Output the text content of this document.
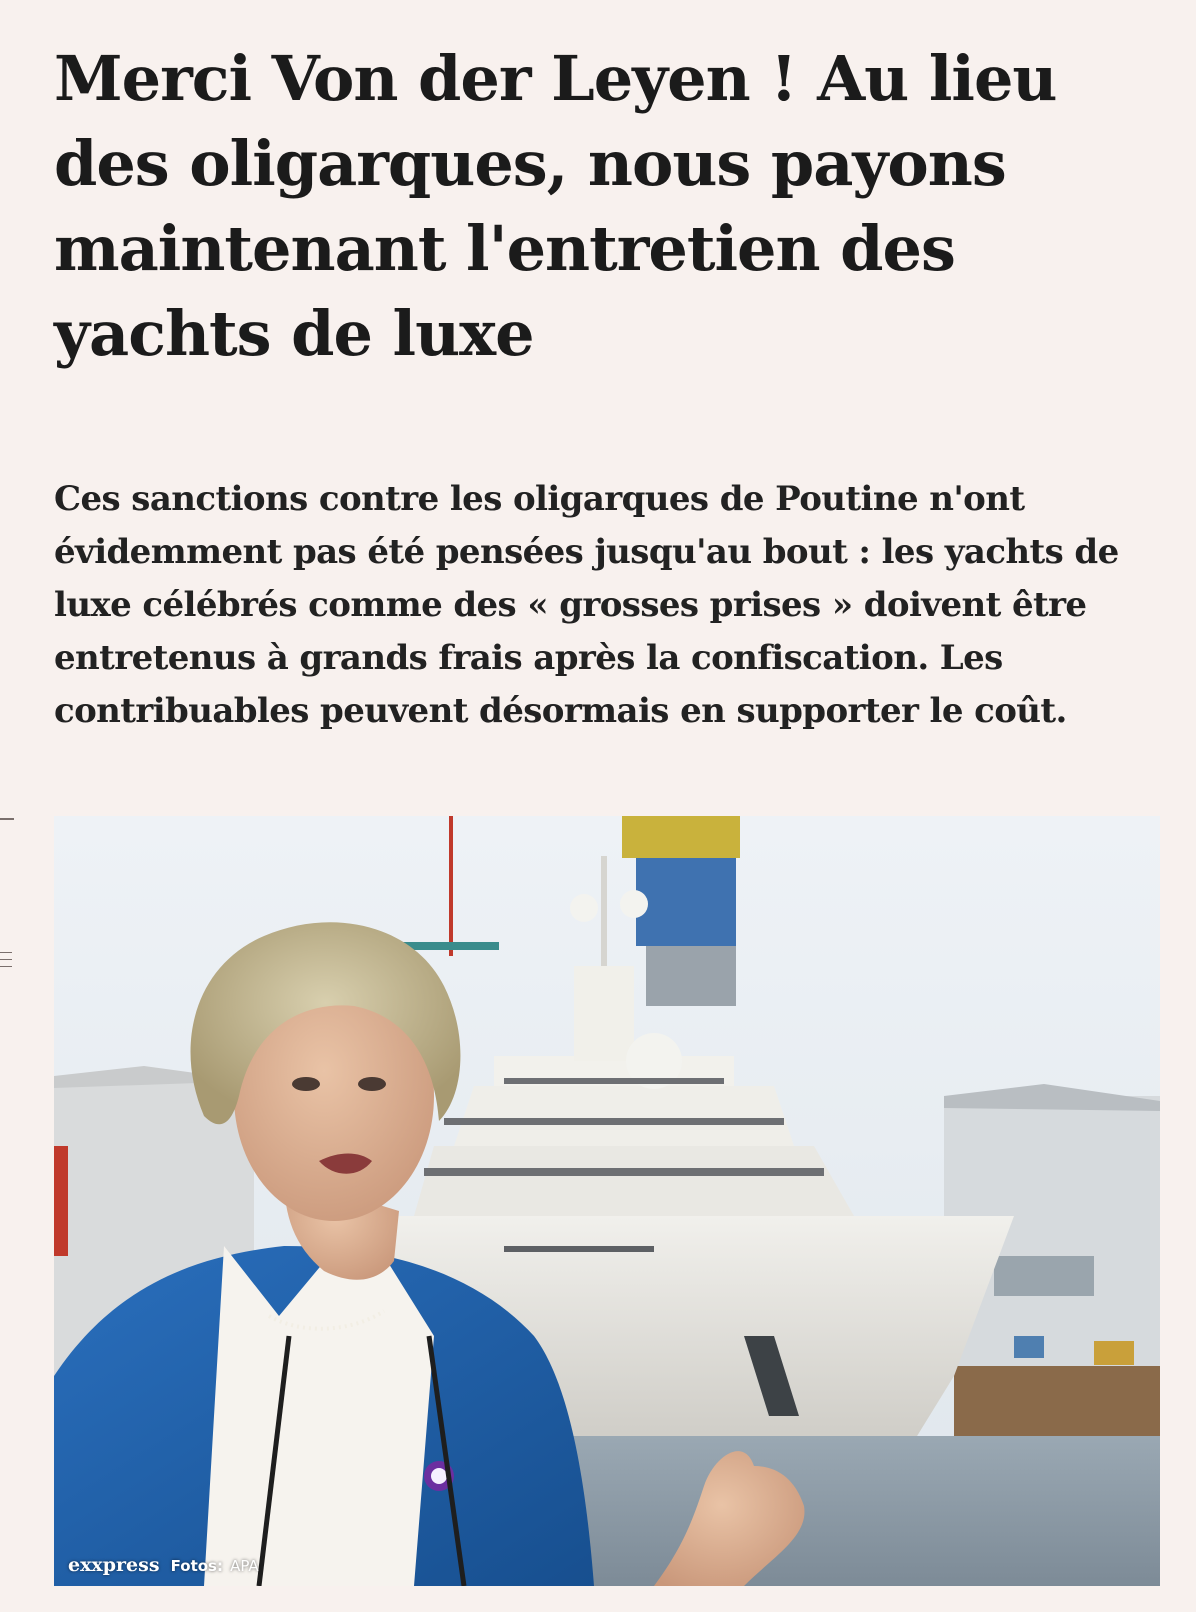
Merci Von der Leyen ! Au lieu des oligarques, nous payons maintenant l'entretien des yachts de luxe

Ces sanctions contre les oligarques de Poutine n'ont évidemment pas été pensées jusqu'au bout : les yachts de luxe célébrés comme des « grosses prises » doivent être entretenus à grands frais après la confiscation. Les contribuables peuvent désormais en supporter le coût.

exxpress Fotos: APA
